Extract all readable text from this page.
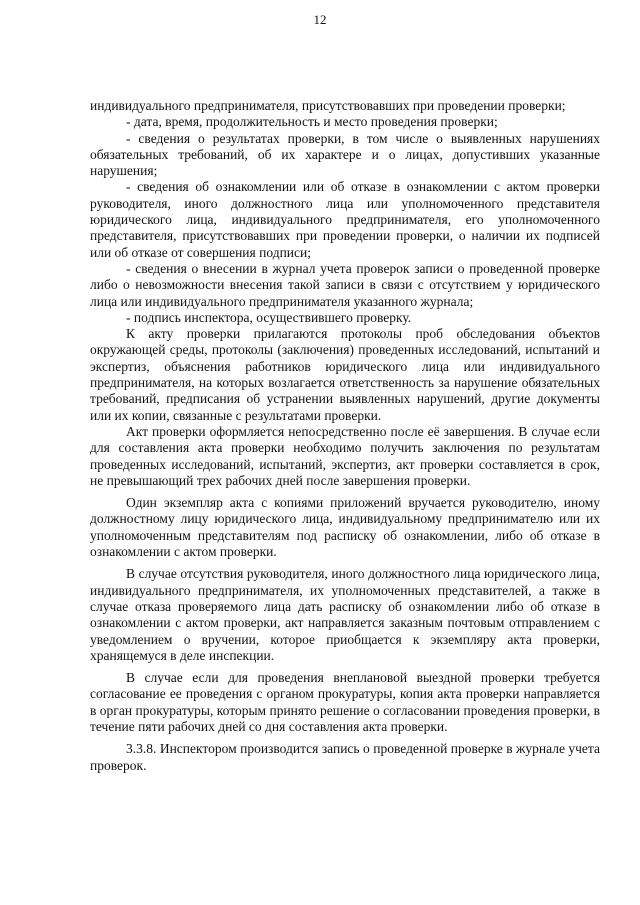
12

индивидуального предпринимателя, присутствовавших при проведении проверки;

- дата, время, продолжительность и место проведения проверки;

- сведения о результатах проверки, в том числе о выявленных нарушениях обязательных требований, об их характере и о лицах, допустивших указанные нарушения;

- сведения об ознакомлении или об отказе в ознакомлении с актом проверки руководителя, иного должностного лица или уполномоченного представителя юридического лица, индивидуального предпринимателя, его уполномоченного представителя, присутствовавших при проведении проверки, о наличии их подписей или об отказе от совершения подписи;

- сведения о внесении в журнал учета проверок записи о проведенной проверке либо о невозможности внесения такой записи в связи с отсутствием у юридического лица или индивидуального предпринимателя указанного журнала;

- подпись инспектора, осуществившего проверку.

К акту проверки прилагаются протоколы проб обследования объектов окружающей среды, протоколы (заключения) проведенных исследований, испытаний и экспертиз, объяснения работников юридического лица или индивидуального предпринимателя, на которых возлагается ответственность за нарушение обязательных требований, предписания об устранении выявленных нарушений, другие документы или их копии, связанные с результатами проверки.

Акт проверки оформляется непосредственно после её завершения. В случае если для составления акта проверки необходимо получить заключения по результатам проведенных исследований, испытаний, экспертиз, акт проверки составляется в срок, не превышающий трех рабочих дней после завершения проверки.

Один экземпляр акта с копиями приложений вручается руководителю, иному должностному лицу юридического лица, индивидуальному предпринимателю или их уполномоченным представителям под расписку об ознакомлении, либо об отказе в ознакомлении с актом проверки.

В случае отсутствия руководителя, иного должностного лица юридического лица, индивидуального предпринимателя, их уполномоченных представителей, а также в случае отказа проверяемого лица дать расписку об ознакомлении либо об отказе в ознакомлении с актом проверки, акт направляется заказным почтовым отправлением с уведомлением о вручении, которое приобщается к экземпляру акта проверки, хранящемуся в деле инспекции.

В случае если для проведения внеплановой выездной проверки требуется согласование ее проведения с органом прокуратуры, копия акта проверки направляется в орган прокуратуры, которым принято решение о согласовании проведения проверки, в течение пяти рабочих дней со дня составления акта проверки.

3.3.8. Инспектором производится запись о проведенной проверке в журнале учета проверок.
